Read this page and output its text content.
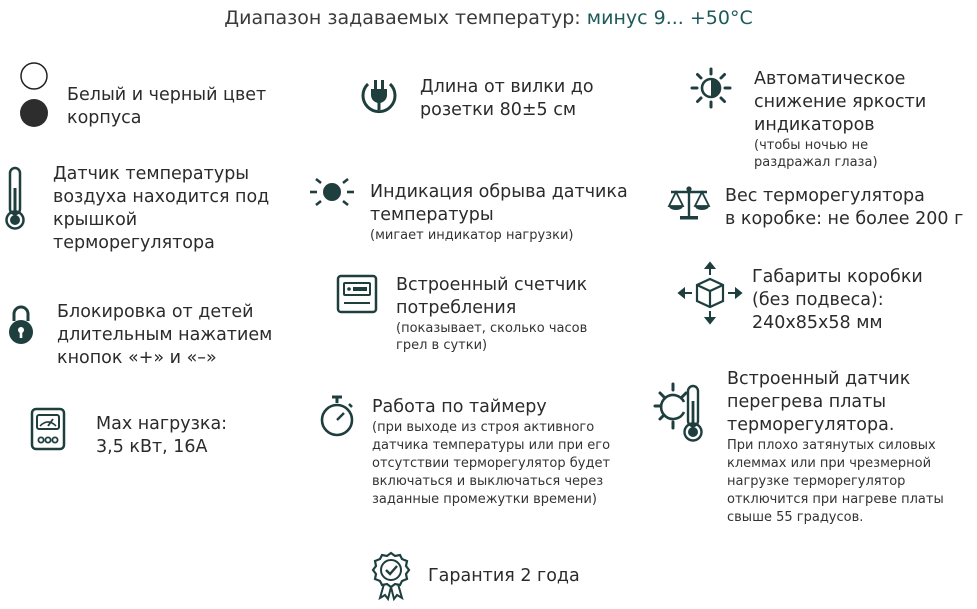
Диапазон задаваемых температур: минус 9... +50°С
Белый и черный цвет
корпуса
Датчик температуры
воздуха находится под
крышкой
терморегулятора
Блокировка от детей
длительным нажатием
кнопок «+» и «–»
Max нагрузка:
3,5 кВт, 16А
Длина от вилки до
розетки 80±5 см
Индикация обрыва датчика
температуры
(мигает индикатор нагрузки)
Встроенный счетчик
потребления
(показывает, сколько часов
грел в сутки)
Работа по таймеру
(при выходе из строя активного
датчика температуры или при его
отсутствии терморегулятор будет
включаться и выключаться через
заданные промежутки времени)
Гарантия 2 года
Автоматическое
снижение яркости
индикаторов
(чтобы ночью не
раздражал глаза)
Вес терморегулятора
в коробке: не более 200 г
Габариты коробки
(без подвеса):
240х85х58 мм
Встроенный датчик
перегрева платы
терморегулятора.
При плохо затянутых силовых
клеммах или при чрезмерной
нагрузке терморегулятор
отключится при нагреве платы
свыше 55 градусов.
